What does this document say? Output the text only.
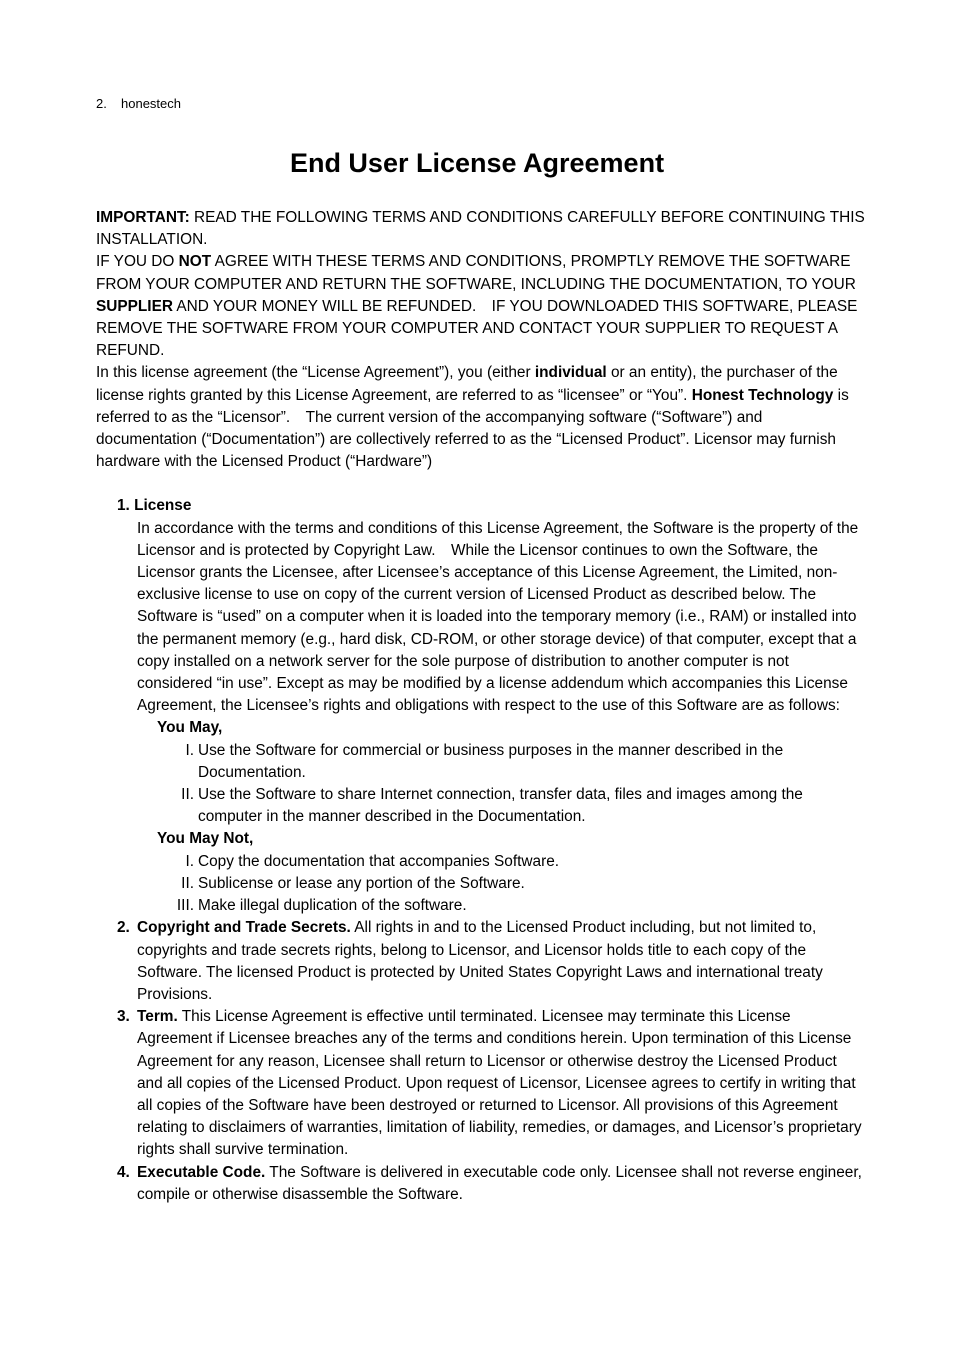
2. honestech
End User License Agreement

IMPORTANT: READ THE FOLLOWING TERMS AND CONDITIONS CAREFULLY BEFORE CONTINUING THIS INSTALLATION.

IF YOU DO NOT AGREE WITH THESE TERMS AND CONDITIONS, PROMPTLY REMOVE THE SOFTWARE FROM YOUR COMPUTER AND RETURN THE SOFTWARE, INCLUDING THE DOCUMENTATION, TO YOUR SUPPLIER AND YOUR MONEY WILL BE REFUNDED.　IF YOU DOWNLOADED THIS SOFTWARE, PLEASE REMOVE THE SOFTWARE FROM YOUR COMPUTER AND CONTACT YOUR SUPPLIER TO REQUEST A REFUND.

In this license agreement (the “License Agreement”), you (either individual or an entity), the purchaser of the license rights granted by this License Agreement, are referred to as “licensee” or “You”. Honest Technology is referred to as the “Licensor”.　The current version of the accompanying software (“Software”) and documentation (“Documentation”) are collectively referred to as the “Licensed Product”. Licensor may furnish hardware with the Licensed Product (“Hardware”)

1. License

In accordance with the terms and conditions of this License Agreement, the Software is the property of the Licensor and is protected by Copyright Law.　While the Licensor continues to own the Software, the Licensor grants the Licensee, after Licensee’s acceptance of this License Agreement, the Limited, non-exclusive license to use on copy of the current version of Licensed Product as described below. The Software is “used” on a computer when it is loaded into the temporary memory (i.e., RAM) or installed into the permanent memory (e.g., hard disk, CD-ROM, or other storage device) of that computer, except that a copy installed on a network server for the sole purpose of distribution to another computer is not considered “in use”. Except as may be modified by a license addendum which accompanies this License Agreement, the Licensee’s rights and obligations with respect to the use of this Software are as follows:

You May,

I. Use the Software for commercial or business purposes in the manner described in the Documentation.
II. Use the Software to share Internet connection, transfer data, files and images among the computer in the manner described in the Documentation.

You May Not,

I. Copy the documentation that accompanies Software.
II. Sublicense or lease any portion of the Software.
III. Make illegal duplication of the software.
2. Copyright and Trade Secrets. All rights in and to the Licensed Product including, but not limited to, copyrights and trade secrets rights, belong to Licensor, and Licensor holds title to each copy of the Software. The licensed Product is protected by United States Copyright Laws and international treaty Provisions.

3. Term. This License Agreement is effective until terminated. Licensee may terminate this License Agreement if Licensee breaches any of the terms and conditions herein. Upon termination of this License Agreement for any reason, Licensee shall return to Licensor or otherwise destroy the Licensed Product and all copies of the Licensed Product. Upon request of Licensor, Licensee agrees to certify in writing that all copies of the Software have been destroyed or returned to Licensor. All provisions of this Agreement relating to disclaimers of warranties, limitation of liability, remedies, or damages, and Licensor’s proprietary rights shall survive termination.

4. Executable Code. The Software is delivered in executable code only. Licensee shall not reverse engineer, compile or otherwise disassemble the Software.
